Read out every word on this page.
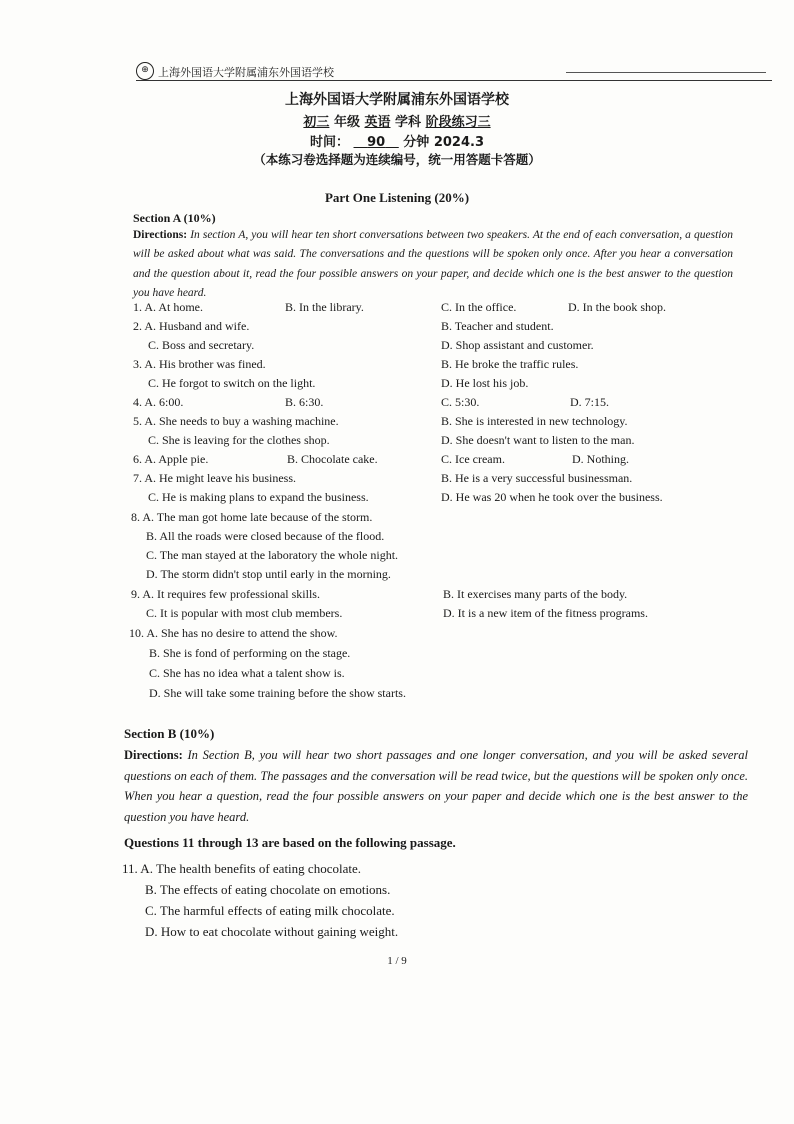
⊕ 上海外国语大学附属浦东外国语学校
上海外国语大学附属浦东外国语学校
初三 年级 英语 学科 阶段练习三
时间： 90 分钟 2024.3
（本练习卷选择题为连续编号，统一用答题卡答题）
Part One Listening (20%)
Section A (10%)
Directions: In section A, you will hear ten short conversations between two speakers. At the end of each conversation, a question will be asked about what was said. The conversations and the questions will be spoken only once. After you hear a conversation and the question about it, read the four possible answers on your paper, and decide which one is the best answer to the question you have heard.
1. A. At home.	B. In the library.	C. In the office.	D. In the book shop.
2. A. Husband and wife.	B. Teacher and student.
C. Boss and secretary.	D. Shop assistant and customer.
3. A. His brother was fined.	B. He broke the traffic rules.
C. He forgot to switch on the light.	D. He lost his job.
4. A. 6:00.	B. 6:30.	C. 5:30.	D. 7:15.
5. A. She needs to buy a washing machine.	B. She is interested in new technology.
C. She is leaving for the clothes shop.	D. She doesn't want to listen to the man.
6. A. Apple pie.	B. Chocolate cake.	C. Ice cream.	D. Nothing.
7. A. He might leave his business.	B. He is a very successful businessman.
C. He is making plans to expand the business.	D. He was 20 when he took over the business.
8. A. The man got home late because of the storm.
B. All the roads were closed because of the flood.
C. The man stayed at the laboratory the whole night.
D. The storm didn't stop until early in the morning.
9. A. It requires few professional skills.	B. It exercises many parts of the body.
C. It is popular with most club members.	D. It is a new item of the fitness programs.
10. A. She has no desire to attend the show.
B. She is fond of performing on the stage.
C. She has no idea what a talent show is.
D. She will take some training before the show starts.
Section B (10%)
Directions: In Section B, you will hear two short passages and one longer conversation, and you will be asked several questions on each of them. The passages and the conversation will be read twice, but the questions will be spoken only once. When you hear a question, read the four possible answers on your paper and decide which one is the best answer to the question you have heard.
Questions 11 through 13 are based on the following passage.
11. A. The health benefits of eating chocolate.
B. The effects of eating chocolate on emotions.
C. The harmful effects of eating milk chocolate.
D. How to eat chocolate without gaining weight.
1 / 9
